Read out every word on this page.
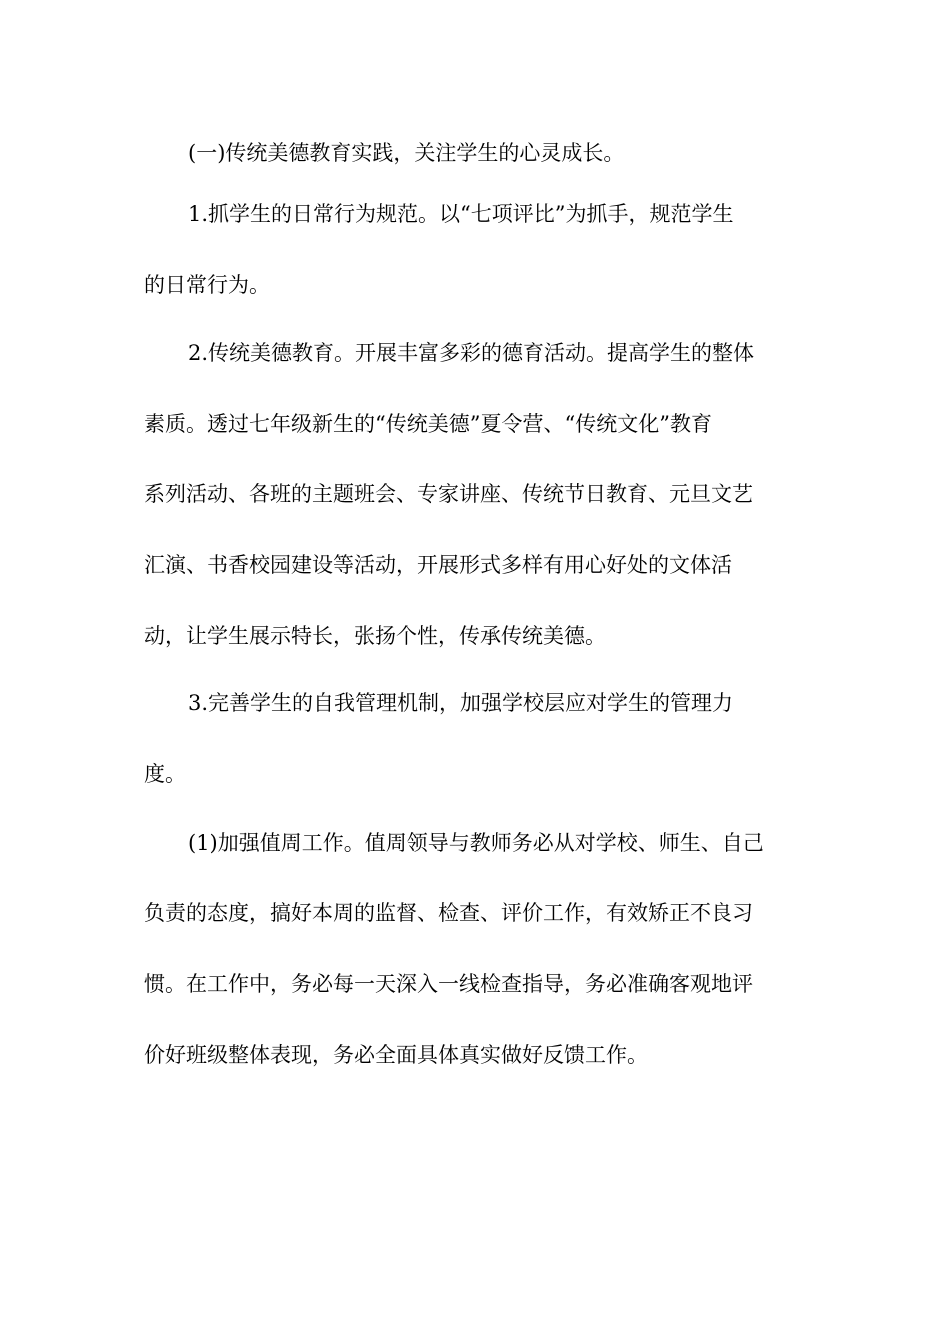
(一)传统美德教育实践，关注学生的心灵成长。
1.抓学生的日常行为规范。以“七项评比”为抓手，规范学生
的日常行为。
2.传统美德教育。开展丰富多彩的德育活动。提高学生的整体
素质。透过七年级新生的“传统美德”夏令营、“传统文化”教育
系列活动、各班的主题班会、专家讲座、传统节日教育、元旦文艺
汇演、书香校园建设等活动，开展形式多样有用心好处的文体活
动，让学生展示特长，张扬个性，传承传统美德。
3.完善学生的自我管理机制，加强学校层应对学生的管理力
度。
(1)加强值周工作。值周领导与教师务必从对学校、师生、自己
负责的态度，搞好本周的监督、检查、评价工作，有效矫正不良习
惯。在工作中，务必每一天深入一线检查指导，务必准确客观地评
价好班级整体表现，务必全面具体真实做好反馈工作。
